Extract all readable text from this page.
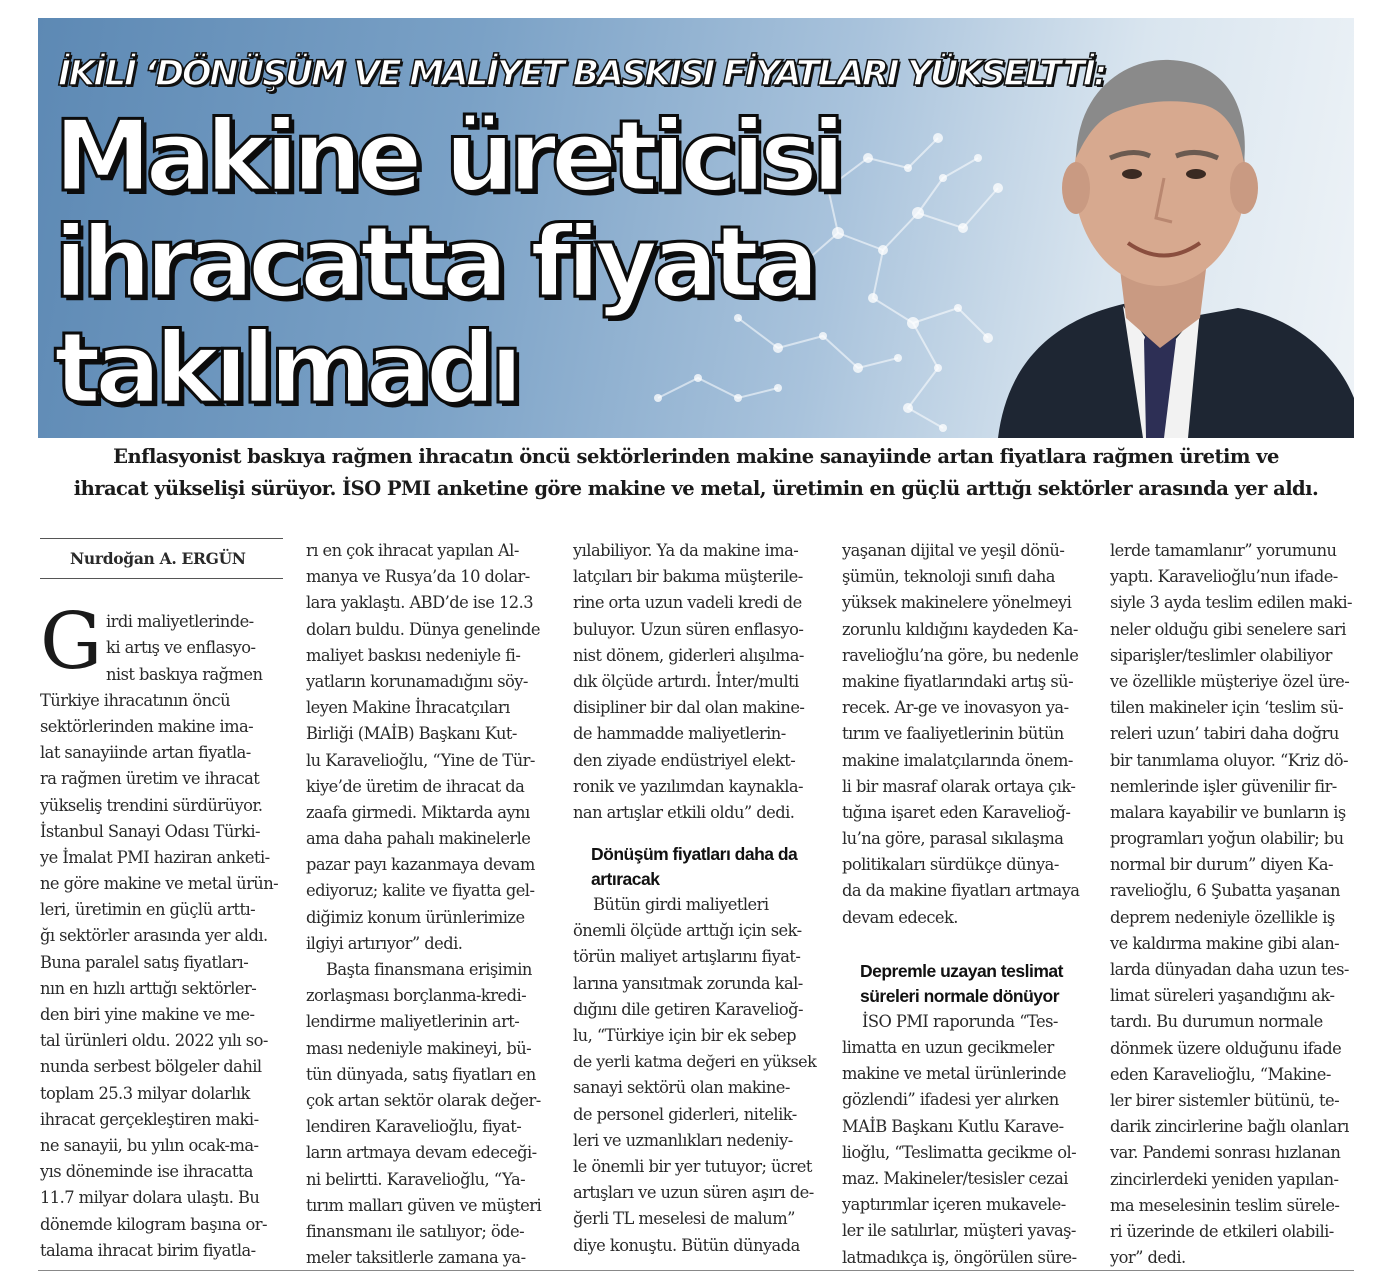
İKİLİ ‘DÖNÜŞÜM VE MALİYET BASKISI FİYATLARI YÜKSELTTİ:
Makine üreticisi
ihracatta fiyata
takılmadı
Enflasyonist baskıya rağmen ihracatın öncü sektörlerinden makine sanayiinde artan fiyatlara rağmen üretim ve
ihracat yükselişi sürüyor. İSO PMI anketine göre makine ve metal, üretimin en güçlü arttığı sektörler arasında yer aldı.
Nurdoğan A. ERGÜN
G irdi maliyetlerinde-
ki artış ve enflasyo-
nist baskıya rağmen
Türkiye ihracatının öncü
sektörlerinden makine ima-
lat sanayiinde artan fiyatla-
ra rağmen üretim ve ihracat
yükseliş trendini sürdürüyor.
İstanbul Sanayi Odası Türki-
ye İmalat PMI haziran anketi-
ne göre makine ve metal ürün-
leri, üretimin en güçlü arttı-
ğı sektörler arasında yer aldı.
Buna paralel satış fiyatları-
nın en hızlı arttığı sektörler-
den biri yine makine ve me-
tal ürünleri oldu. 2022 yılı so-
nunda serbest bölgeler dahil
toplam 25.3 milyar dolarlık
ihracat gerçekleştiren maki-
ne sanayii, bu yılın ocak-ma-
yıs döneminde ise ihracatta
11.7 milyar dolara ulaştı. Bu
dönemde kilogram başına or-
talama ihracat birim fiyatla-
rı en çok ihracat yapılan Al-
manya ve Rusya’da 10 dolar-
lara yaklaştı. ABD’de ise 12.3
doları buldu. Dünya genelinde
maliyet baskısı nedeniyle fi-
yatların korunamadığını söy-
leyen Makine İhracatçıları
Birliği (MAİB) Başkanı Kut-
lu Karavelioğlu, “Yine de Tür-
kiye’de üretim de ihracat da
zaafa girmedi. Miktarda aynı
ama daha pahalı makinelerle
pazar payı kazanmaya devam
ediyoruz; kalite ve fiyatta gel-
diğimiz konum ürünlerimize
ilgiyi artırıyor” dedi.
Başta finansmana erişimin
zorlaşması borçlanma-kredi-
lendirme maliyetlerinin art-
ması nedeniyle makineyi, bü-
tün dünyada, satış fiyatları en
çok artan sektör olarak değer-
lendiren Karavelioğlu, fiyat-
ların artmaya devam edeceği-
ni belirtti. Karavelioğlu, “Ya-
tırım malları güven ve müşteri
finansmanı ile satılıyor; öde-
meler taksitlerle zamana ya-
yılabiliyor. Ya da makine ima-
latçıları bir bakıma müşterile-
rine orta uzun vadeli kredi de
buluyor. Uzun süren enflasyo-
nist dönem, giderleri alışılma-
dık ölçüde artırdı. İnter/multi
disipliner bir dal olan makine-
de hammadde maliyetlerin-
den ziyade endüstriyel elekt-
ronik ve yazılımdan kaynakla-
nan artışlar etkili oldu” dedi.
Dönüşüm fiyatları daha da
artıracak
Bütün girdi maliyetleri
önemli ölçüde arttığı için sek-
törün maliyet artışlarını fiyat-
larına yansıtmak zorunda kal-
dığını dile getiren Karavelioğ-
lu, “Türkiye için bir ek sebep
de yerli katma değeri en yüksek
sanayi sektörü olan makine-
de personel giderleri, nitelik-
leri ve uzmanlıkları nedeniy-
le önemli bir yer tutuyor; ücret
artışları ve uzun süren aşırı de-
ğerli TL meselesi de malum”
diye konuştu. Bütün dünyada
yaşanan dijital ve yeşil dönü-
şümün, teknoloji sınıfı daha
yüksek makinelere yönelmeyi
zorunlu kıldığını kaydeden Ka-
ravelioğlu’na göre, bu nedenle
makine fiyatlarındaki artış sü-
recek. Ar-ge ve inovasyon ya-
tırım ve faaliyetlerinin bütün
makine imalatçılarında önem-
li bir masraf olarak ortaya çık-
tığına işaret eden Karavelioğ-
lu’na göre, parasal sıkılaşma
politikaları sürdükçe dünya-
da da makine fiyatları artmaya
devam edecek.
Depremle uzayan teslimat
süreleri normale dönüyor
İSO PMI raporunda “Tes-
limatta en uzun gecikmeler
makine ve metal ürünlerinde
gözlendi” ifadesi yer alırken
MAİB Başkanı Kutlu Karave-
lioğlu, “Teslimatta gecikme ol-
maz. Makineler/tesisler cezai
yaptırımlar içeren mukavele-
ler ile satılırlar, müşteri yavaş-
latmadıkça iş, öngörülen süre-
lerde tamamlanır” yorumunu
yaptı. Karavelioğlu’nun ifade-
siyle 3 ayda teslim edilen maki-
neler olduğu gibi senelere sari
siparişler/teslimler olabiliyor
ve özellikle müşteriye özel üre-
tilen makineler için ‘teslim sü-
releri uzun’ tabiri daha doğru
bir tanımlama oluyor. “Kriz dö-
nemlerinde işler güvenilir fir-
malara kayabilir ve bunların iş
programları yoğun olabilir; bu
normal bir durum” diyen Ka-
ravelioğlu, 6 Şubatta yaşanan
deprem nedeniyle özellikle iş
ve kaldırma makine gibi alan-
larda dünyadan daha uzun tes-
limat süreleri yaşandığını ak-
tardı. Bu durumun normale
dönmek üzere olduğunu ifade
eden Karavelioğlu, “Makine-
ler birer sistemler bütünü, te-
darik zincirlerine bağlı olanları
var. Pandemi sonrası hızlanan
zincirlerdeki yeniden yapılan-
ma meselesinin teslim sürele-
ri üzerinde de etkileri olabili-
yor” dedi.
